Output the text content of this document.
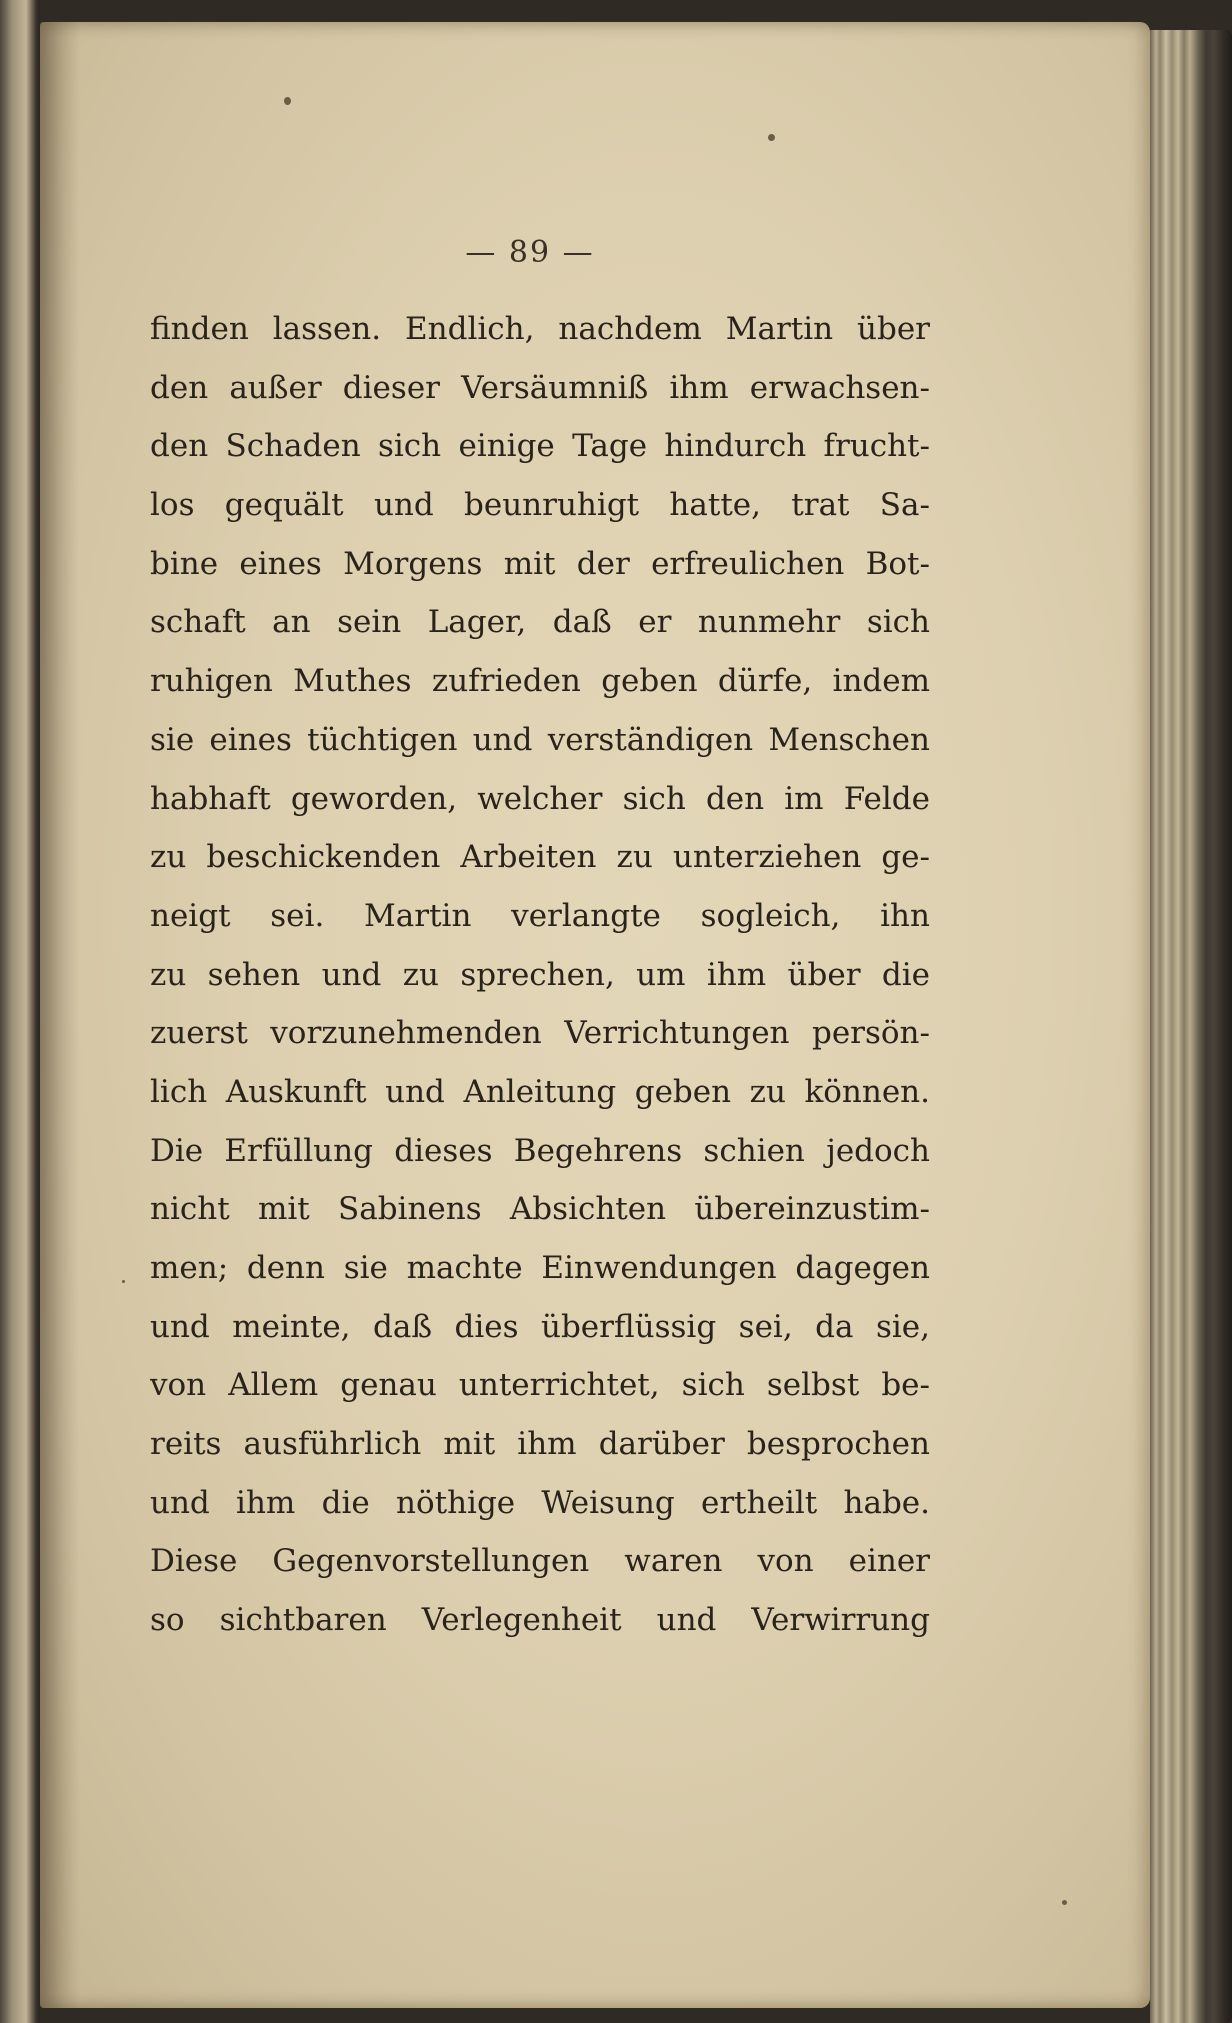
— 89 —
finden lassen. Endlich, nachdem Martin über
den außer dieser Versäumniß ihm erwachsen-
den Schaden sich einige Tage hindurch frucht-
los gequält und beunruhigt hatte, trat Sa-
bine eines Morgens mit der erfreulichen Bot-
schaft an sein Lager, daß er nunmehr sich
ruhigen Muthes zufrieden geben dürfe, indem
sie eines tüchtigen und verständigen Menschen
habhaft geworden, welcher sich den im Felde
zu beschickenden Arbeiten zu unterziehen ge-
neigt sei. Martin verlangte sogleich, ihn
zu sehen und zu sprechen, um ihm über die
zuerst vorzunehmenden Verrichtungen persön-
lich Auskunft und Anleitung geben zu können.
Die Erfüllung dieses Begehrens schien jedoch
nicht mit Sabinens Absichten übereinzustim-
men; denn sie machte Einwendungen dagegen
und meinte, daß dies überflüssig sei, da sie,
von Allem genau unterrichtet, sich selbst be-
reits ausführlich mit ihm darüber besprochen
und ihm die nöthige Weisung ertheilt habe.
Diese Gegenvorstellungen waren von einer
so sichtbaren Verlegenheit und Verwirrung
